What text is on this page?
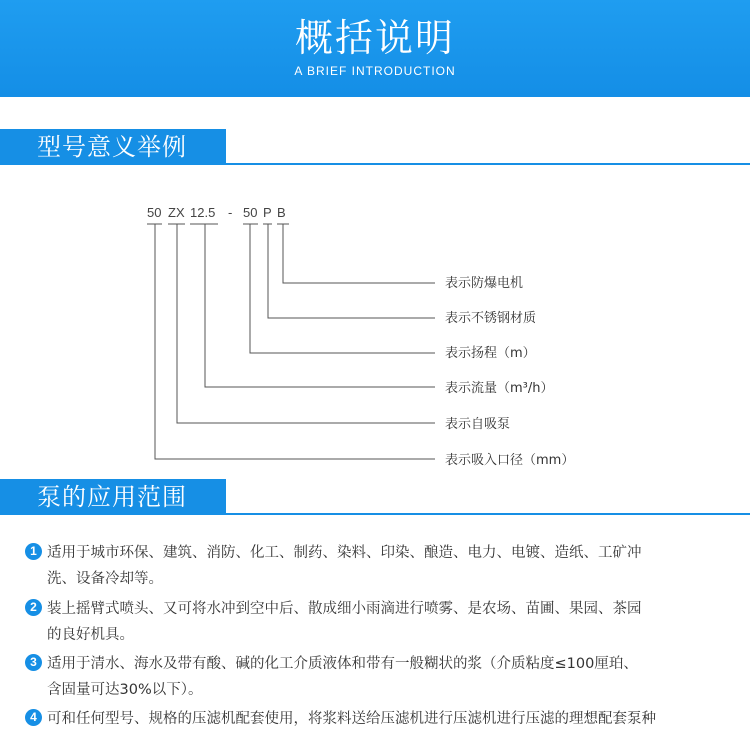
概括说明
A BRIEF INTRODUCTION
型号意义举例
50 ZX 12.5 - 50 P B
表示防爆电机
表示不锈钢材质
表示扬程（m）
表示流量（m³/h）
表示自吸泵
表示吸入口径（mm）
泵的应用范围
1 适用于城市环保、建筑、消防、化工、制药、染料、印染、酿造、电力、电镀、造纸、工矿冲
洗、设备冷却等。
2 装上摇臂式喷头、又可将水冲到空中后、散成细小雨滴进行喷雾、是农场、苗圃、果园、茶园
的良好机具。
3 适用于清水、海水及带有酸、碱的化工介质液体和带有一般糊状的浆（介质粘度≤100厘珀、
含固量可达30%以下）。
4 可和任何型号、规格的压滤机配套使用，将浆料送给压滤机进行压滤机进行压滤的理想配套泵种
